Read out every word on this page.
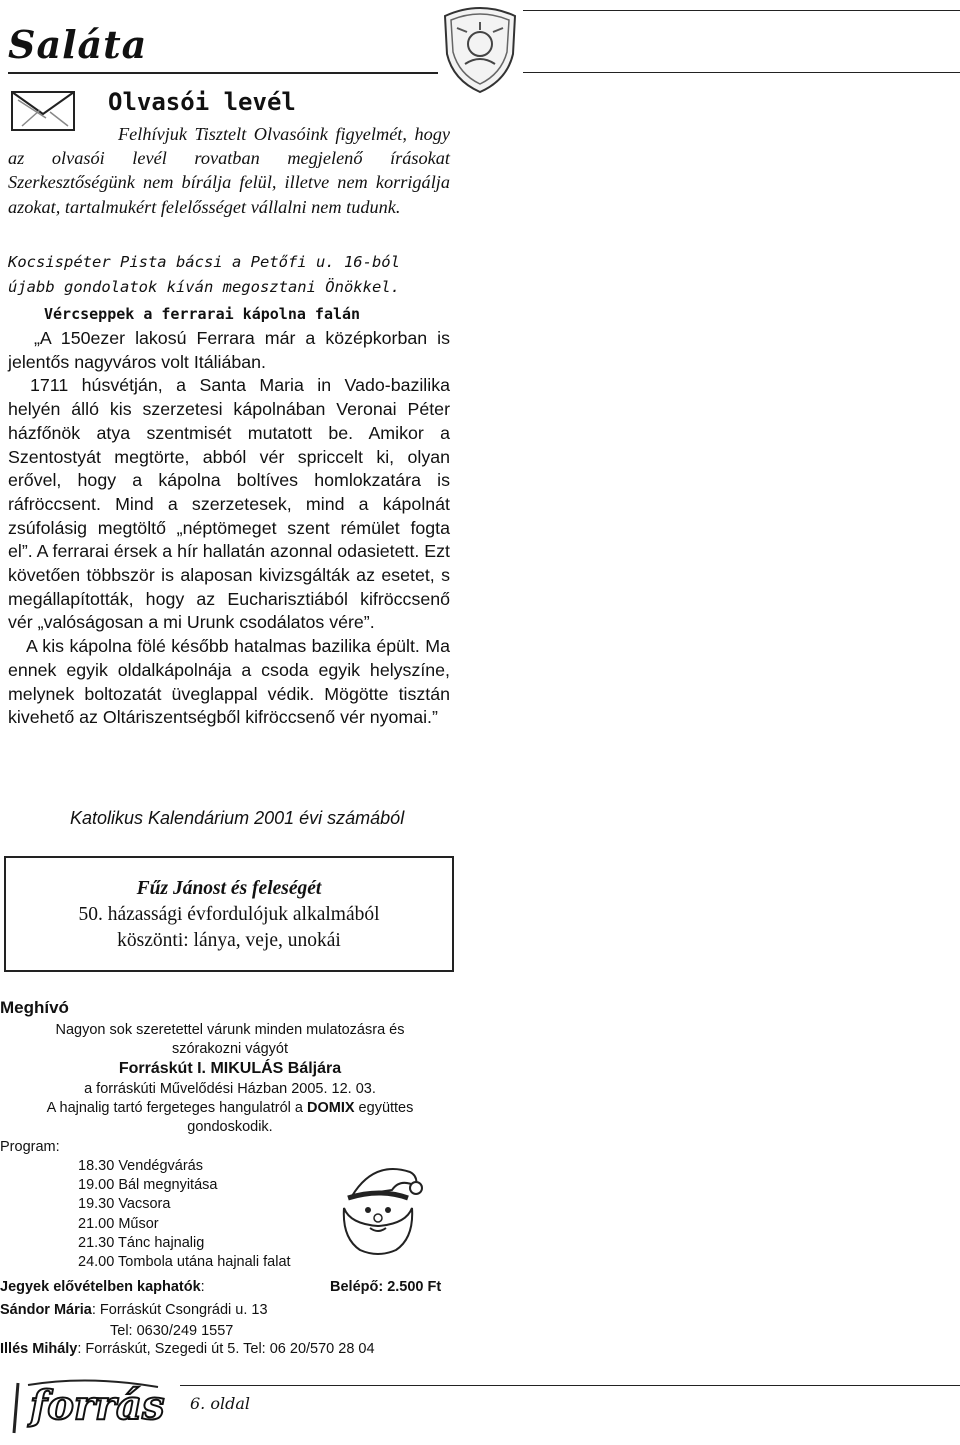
Saláta
Olvasói levél

Felhívjuk Tisztelt Olvasóink figyelmét, hogy az olvasói levél rovatban megjelenő írásokat Szerkesztőségünk nem bírálja felül, illetve nem korrigálja azokat, tartalmukért felelősséget vállalni nem tudunk.

Kocsispéter Pista bácsi a Petőfi u. 16-ból

újabb gondolatok kíván megosztani Önökkel.

Vércseppek a ferrarai kápolna falán

„A 150ezer lakosú Ferrara már a középkorban is jelentős nagyváros volt Itáliában.

1711 húsvétján, a Santa Maria in Vado-bazilika helyén álló kis szerzetesi kápolnában Veronai Péter házfőnök atya szentmisét mutatott be. Amikor a Szentostyát megtörte, abból vér spriccelt ki, olyan erővel, hogy a kápolna boltíves homlokzatára is ráfröccsent. Mind a szerzetesek, mind a kápolnát zsúfolásig megtöltő „néptömeget szent rémület fogta el”. A ferrarai érsek a hír hallatán azonnal odasietett. Ezt követően többször is alaposan kivizsgálták az esetet, s megállapították, hogy az Eucharisztiából kifröccsenő vér „valóságosan a mi Urunk csodálatos vére”.

A kis kápolna fölé később hatalmas bazilika épült. Ma ennek egyik oldalkápolnája a csoda egyik helyszíne, melynek boltozatát üveglappal védik. Mögötte tisztán kivehető az Oltáriszentségből kifröccsenő vér nyomai.”

Katolikus Kalendárium 2001 évi számából

Fűz Jánost és feleségét
50. házassági évfordulójuk alkalmából
köszönti: lánya, veje, unokái

Meghívó

Nagyon sok szeretettel várunk minden mulatozásra és

szórakozni vágyót

Forráskút I. MIKULÁS Báljára

a forráskúti Művelődési Házban 2005. 12. 03.

A hajnalig tartó fergeteges hangulatról a DOMIX együttes

gondoskodik.

Program:

18.30 Vendégvárás
19.00 Bál megnyitása
19.30 Vacsora
21.00 Műsor
21.30 Tánc hajnalig
24.00 Tombola utána hajnali falat

Jegyek elővételben kaphatók:	Belépő: 2.500 Ft

Sándor Mária: Forráskút Csongrádi u. 13

Tel: 0630/249 1557

Illés Mihály: Forráskút, Szegedi út 5. Tel: 06 20/570 28 04

forrás 6. oldal
